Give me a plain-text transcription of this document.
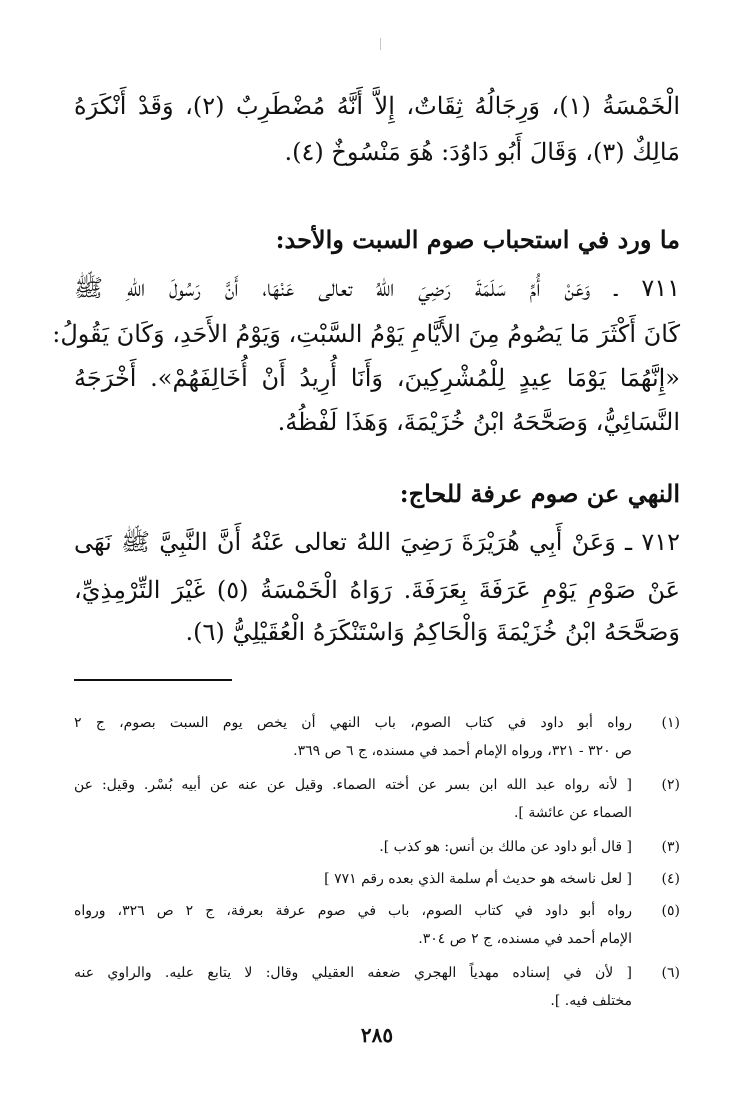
الْخَمْسَةُ (١)، وَرِجَالُهُ ثِقَاتٌ، إِلاَّ أَنَّهُ مُضْطَرِبٌ (٢)، وَقَدْ أَنْكَرَهُ
مَالِكٌ (٣)، وَقَالَ أَبُو دَاوُدَ: هُوَ مَنْسُوخٌ (٤).
ما ورد في استحباب صوم السبت والأحد:
٧١١ ـ وَعَنْ أُمِّ سَلَمَةَ رَضِيَ اللهُ تعالى عَنْهَا، أَنَّ رَسُولَ اللهِ ﷺ
كَانَ أَكْثَرَ مَا يَصُومُ مِنَ الأَيَّامِ يَوْمُ السَّبْتِ، وَيَوْمُ الأَحَدِ، وَكَانَ يَقُولُ:
«إِنَّهُمَا يَوْمَا عِيدٍ لِلْمُشْرِكِينَ، وَأَنَا أُرِيدُ أَنْ أُخَالِفَهُمْ». أَخْرَجَهُ
النَّسَائِيُّ، وَصَحَّحَهُ ابْنُ خُزَيْمَةَ، وَهَذَا لَفْظُهُ.
النهي عن صوم عرفة للحاج:
٧١٢ ـ وَعَنْ أَبِي هُرَيْرَةَ رَضِيَ اللهُ تعالى عَنْهُ أَنَّ النَّبِيَّ ﷺ نَهَى
عَنْ صَوْمِ يَوْمِ عَرَفَةَ بِعَرَفَةَ. رَوَاهُ الْخَمْسَةُ (٥) غَيْرَ التِّرْمِذِيِّ،
وَصَحَّحَهُ ابْنُ خُزَيْمَةَ وَالْحَاكِمُ وَاسْتَنْكَرَهُ الْعُقَيْلِيُّ (٦).
(١)
رواه أبو داود في كتاب الصوم، باب النهي أن يخص يوم السبت بصوم، ج ٢
ص ٣٢٠ - ٣٢١، ورواه الإمام أحمد في مسنده، ج ٦ ص ٣٦٩.
(٢)
[ لأنه رواه عبد الله ابن بسر عن أخته الصماء. وقيل عن عنه عن أبيه بُسْر. وقيل: عن
الصماء عن عائشة ].
(٣)
[ قال أبو داود عن مالك بن أنس: هو كذب ].
(٤)
[ لعل ناسخه هو حديث أم سلمة الذي بعده رقم ٧٧١ ]
(٥)
رواه أبو داود في كتاب الصوم، باب في صوم عرفة بعرفة، ج ٢ ص ٣٢٦، ورواه
الإمام أحمد في مسنده، ج ٢ ص ٣٠٤.
(٦)
[ لأن في إسناده مهدياً الهجري ضعفه العقيلي وقال: لا يتابع عليه. والراوي عنه
مختلف فيه. ].
٢٨٥
